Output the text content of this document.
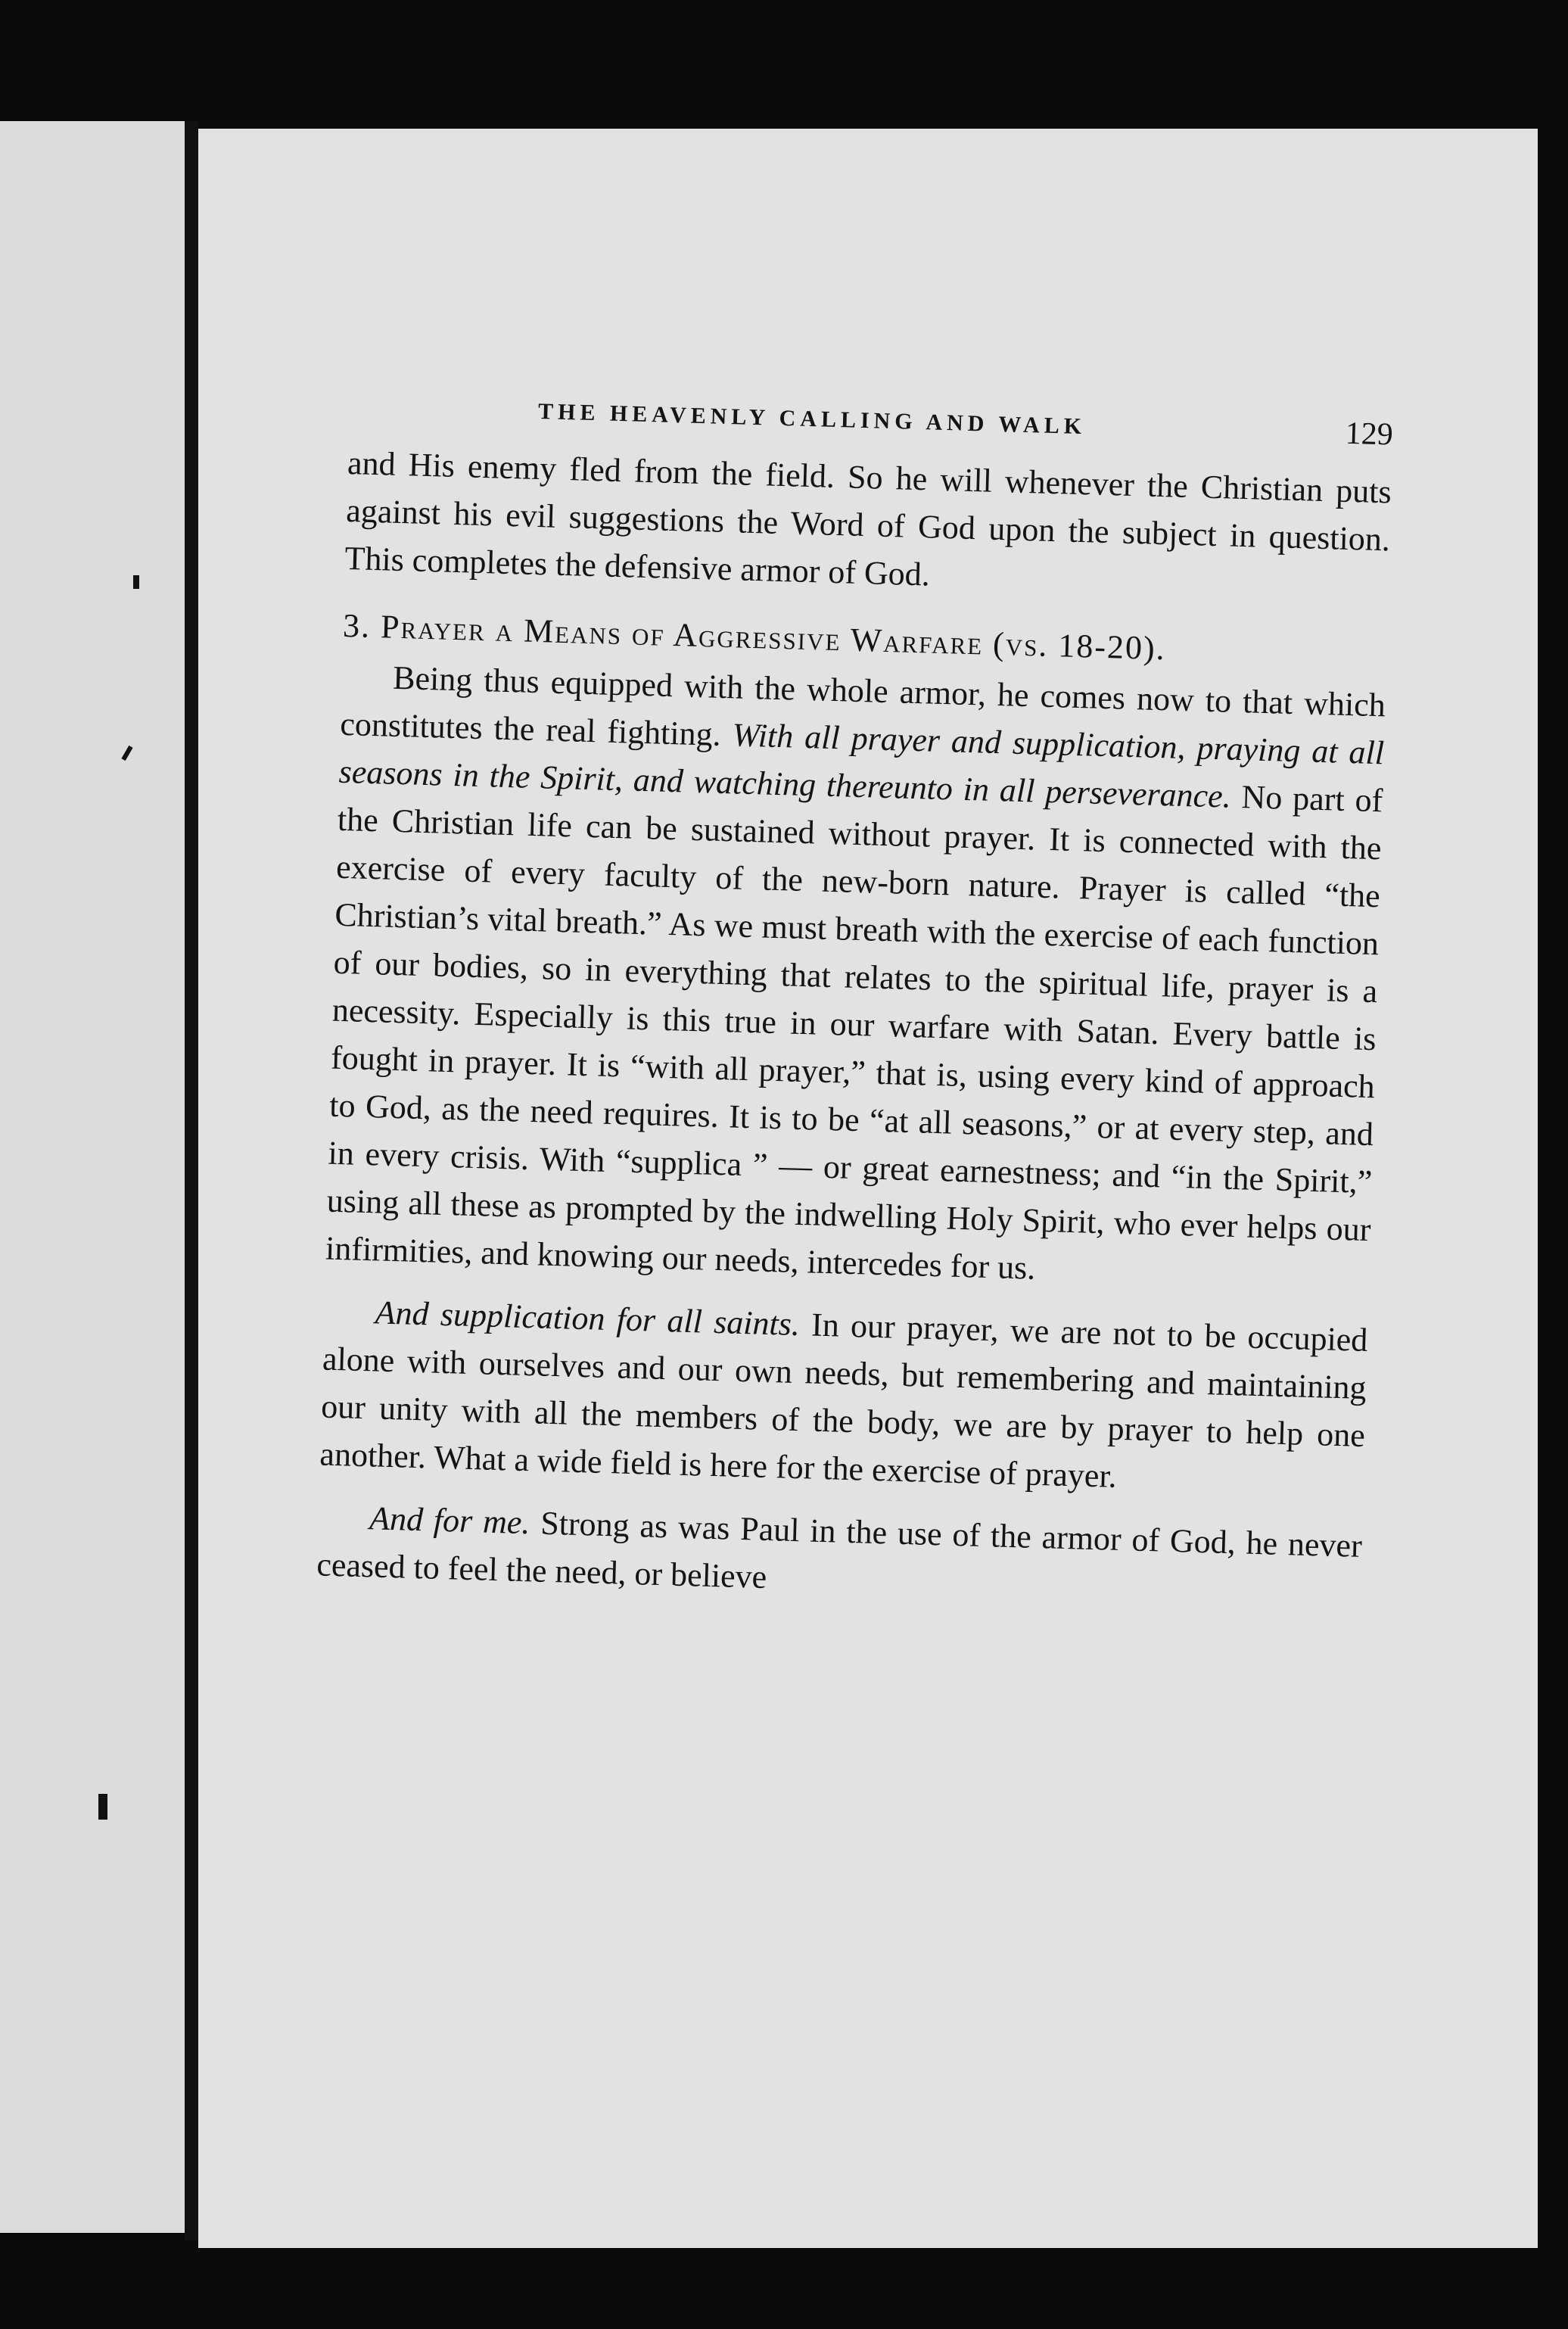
THE HEAVENLY CALLING AND WALK	129

and His enemy fled from the field. So he will whenever the Christian puts against his evil suggestions the Word of God upon the subject in question. This completes the defensive armor of God.

3. Prayer a Means of Aggressive Warfare (vs. 18-20).

Being thus equipped with the whole armor, he comes now to that which constitutes the real fighting. With all prayer and supplication, praying at all seasons in the Spirit, and watching thereunto in all perseverance. No part of the Christian life can be sustained without prayer. It is connected with the exercise of every faculty of the new-born nature. Prayer is called “the Christian’s vital breath.” As we must breath with the exercise of each function of our bodies, so in everything that relates to the spiritual life, prayer is a necessity. Especially is this true in our warfare with Satan. Every battle is fought in prayer. It is “with all prayer,” that is, using every kind of approach to God, as the need requires. It is to be “at all seasons,” or at every step, and in every crisis. With “supplica ” — or great earnestness; and “in the Spirit,” using all these as prompted by the indwelling Holy Spirit, who ever helps our infirmities, and knowing our needs, intercedes for us.

And supplication for all saints. In our prayer, we are not to be occupied alone with ourselves and our own needs, but remembering and maintaining our unity with all the members of the body, we are by prayer to help one another. What a wide field is here for the exercise of prayer.

And for me. Strong as was Paul in the use of the armor of God, he never ceased to feel the need, or believe
